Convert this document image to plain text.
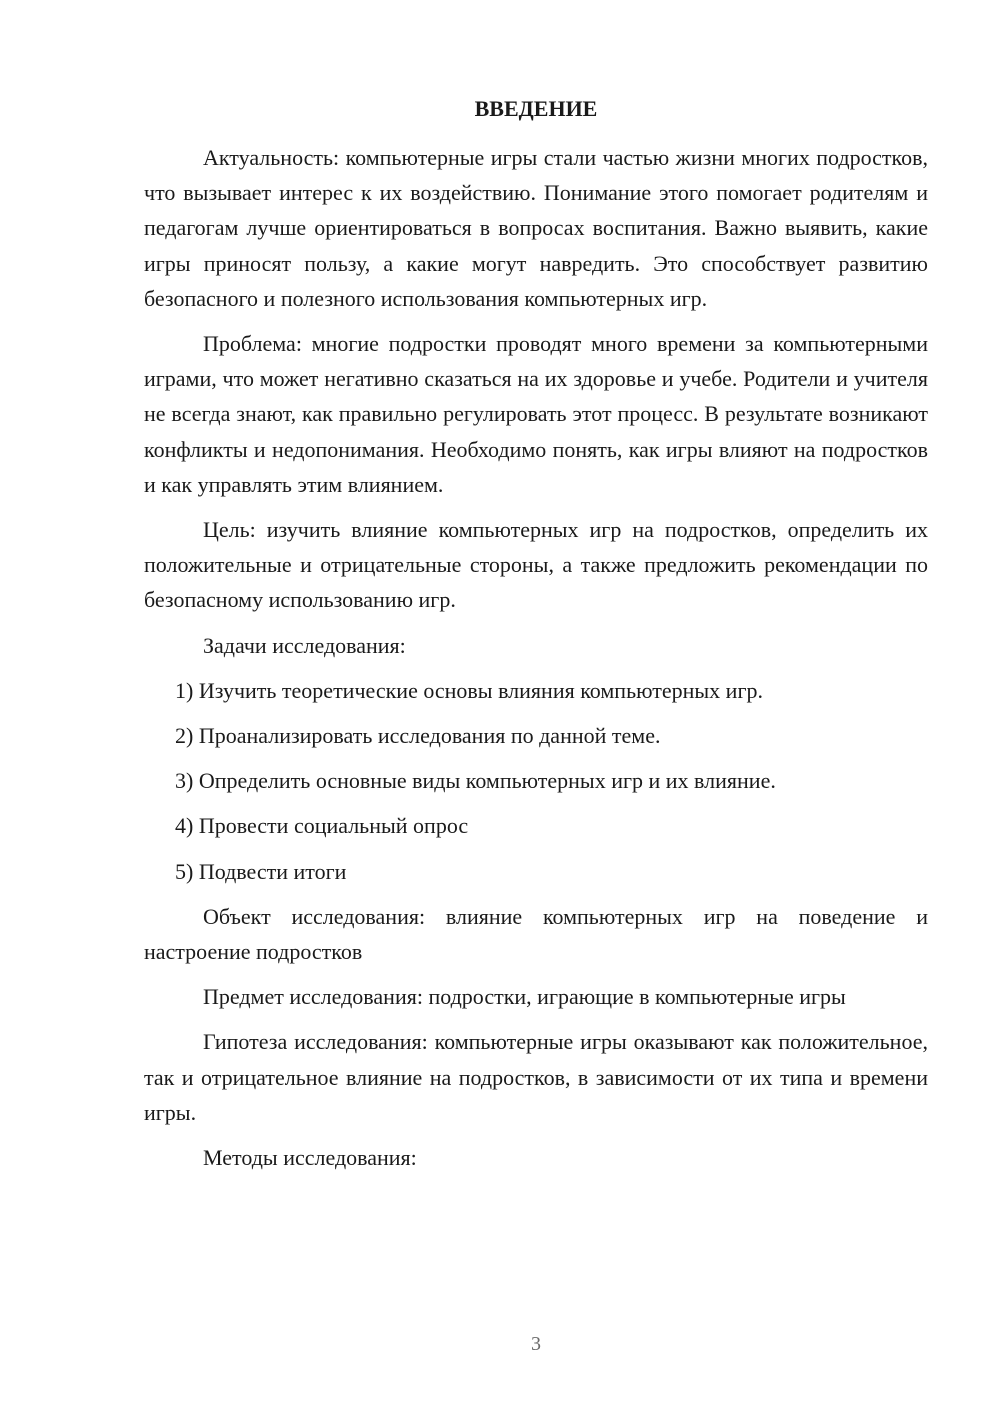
ВВЕДЕНИЕ

Актуальность: компьютерные игры стали частью жизни многих подростков, что вызывает интерес к их воздействию. Понимание этого помогает родителям и педагогам лучше ориентироваться в вопросах воспитания. Важно выявить, какие игры приносят пользу, а какие могут навредить. Это способствует развитию безопасного и полезного использования компьютерных игр.

Проблема: многие подростки проводят много времени за компьютерными играми, что может негативно сказаться на их здоровье и учебе. Родители и учителя не всегда знают, как правильно регулировать этот процесс. В результате возникают конфликты и недопонимания. Необходимо понять, как игры влияют на подростков и как управлять этим влиянием.

Цель: изучить влияние компьютерных игр на подростков, определить их положительные и отрицательные стороны, а также предложить рекомендации по безопасному использованию игр.

Задачи исследования:

1) Изучить теоретические основы влияния компьютерных игр.

2) Проанализировать исследования по данной теме.

3) Определить основные виды компьютерных игр и их влияние.

4) Провести социальный опрос

5) Подвести итоги

Объект исследования: влияние компьютерных игр на поведение и настроение подростков

Предмет исследования: подростки, играющие в компьютерные игры

Гипотеза исследования: компьютерные игры оказывают как положительное, так и отрицательное влияние на подростков, в зависимости от их типа и времени игры.

Методы исследования:

3
